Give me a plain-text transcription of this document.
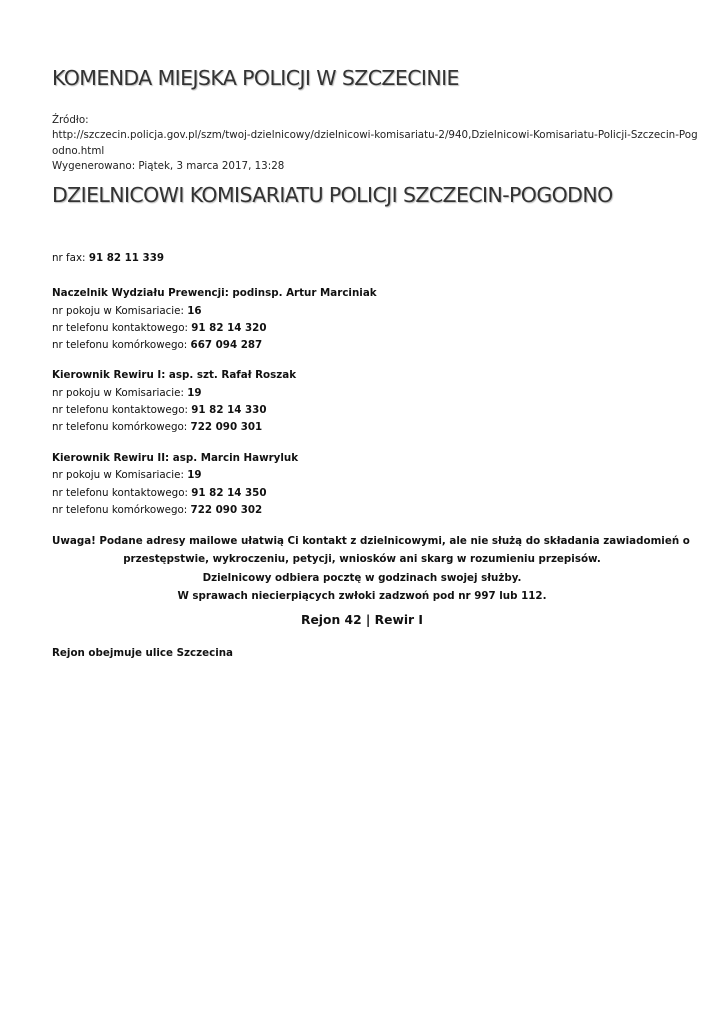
KOMENDA MIEJSKA POLICJI W SZCZECINIE
Źródło:
http://szczecin.policja.gov.pl/szm/twoj-dzielnicowy/dzielnicowi-komisariatu-2/940,Dzielnicowi-Komisariatu-Policji-Szczecin-Pog
odno.html
Wygenerowano: Piątek, 3 marca 2017, 13:28
DZIELNICOWI KOMISARIATU POLICJI SZCZECIN-POGODNO
nr fax: 91 82 11 339
Naczelnik Wydziału Prewencji: podinsp. Artur Marciniak
nr pokoju w Komisariacie: 16
nr telefonu kontaktowego: 91 82 14 320
nr telefonu komórkowego: 667 094 287
Kierownik Rewiru I: asp. szt. Rafał Roszak
nr pokoju w Komisariacie: 19
nr telefonu kontaktowego: 91 82 14 330
nr telefonu komórkowego: 722 090 301
Kierownik Rewiru II: asp. Marcin Hawryluk
nr pokoju w Komisariacie: 19
nr telefonu kontaktowego: 91 82 14 350
nr telefonu komórkowego: 722 090 302
Uwaga! Podane adresy mailowe ułatwią Ci kontakt z dzielnicowymi, ale nie służą do składania zawiadomień o
przestępstwie, wykroczeniu, petycji, wniosków ani skarg w rozumieniu przepisów.
Dzielnicowy odbiera pocztę w godzinach swojej służby.
W sprawach niecierpiących zwłoki zadzwoń pod nr 997 lub 112.
Rejon 42 | Rewir I
Rejon obejmuje ulice Szczecina
